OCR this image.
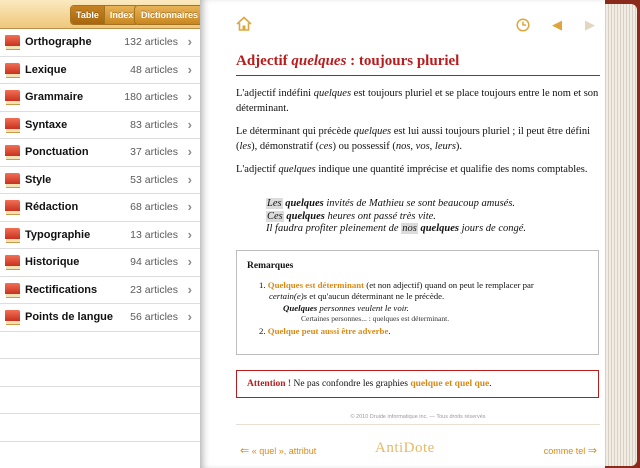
Table	Index Dictionnaires
Orthographe	132 articles ›
Lexique	48 articles ›
Grammaire	180 articles ›
Syntaxe	83 articles ›
Ponctuation	37 articles ›
Style	53 articles ›
Rédaction	68 articles ›
Typographie	13 articles ›
Historique	94 articles ›
Rectifications	23 articles ›
Points de langue 56 articles ›
◀ ▶
Adjectif quelques : toujours pluriel
L'adjectif indéfini quelques est toujours pluriel et se place toujours entre le nom et son déterminant.
Le déterminant qui précède quelques est lui aussi toujours pluriel ; il peut être défini (les), démonstratif (ces) ou possessif (nos, vos, leurs).
L'adjectif quelques indique une quantité imprécise et qualifie des noms comptables.
Les quelques invités de Mathieu se sont beaucoup amusés.
Ces quelques heures ont passé très vite.
Il faudra profiter pleinement de nos quelques jours de congé.
Remarques
1. Quelques est déterminant (et non adjectif) quand on peut le remplacer par
certain(e)s et qu'aucun déterminant ne le précède.
Quelques personnes veulent le voir.
Certaines personnes... : quelques est déterminant.
2. Quelque peut aussi être adverbe.
Attention ! Ne pas confondre les graphies quelque et quel que.
© 2010 Druide informatique inc. — Tous droits réservés
⇐ « quel », attribut	AntiDote	comme tel ⇒
